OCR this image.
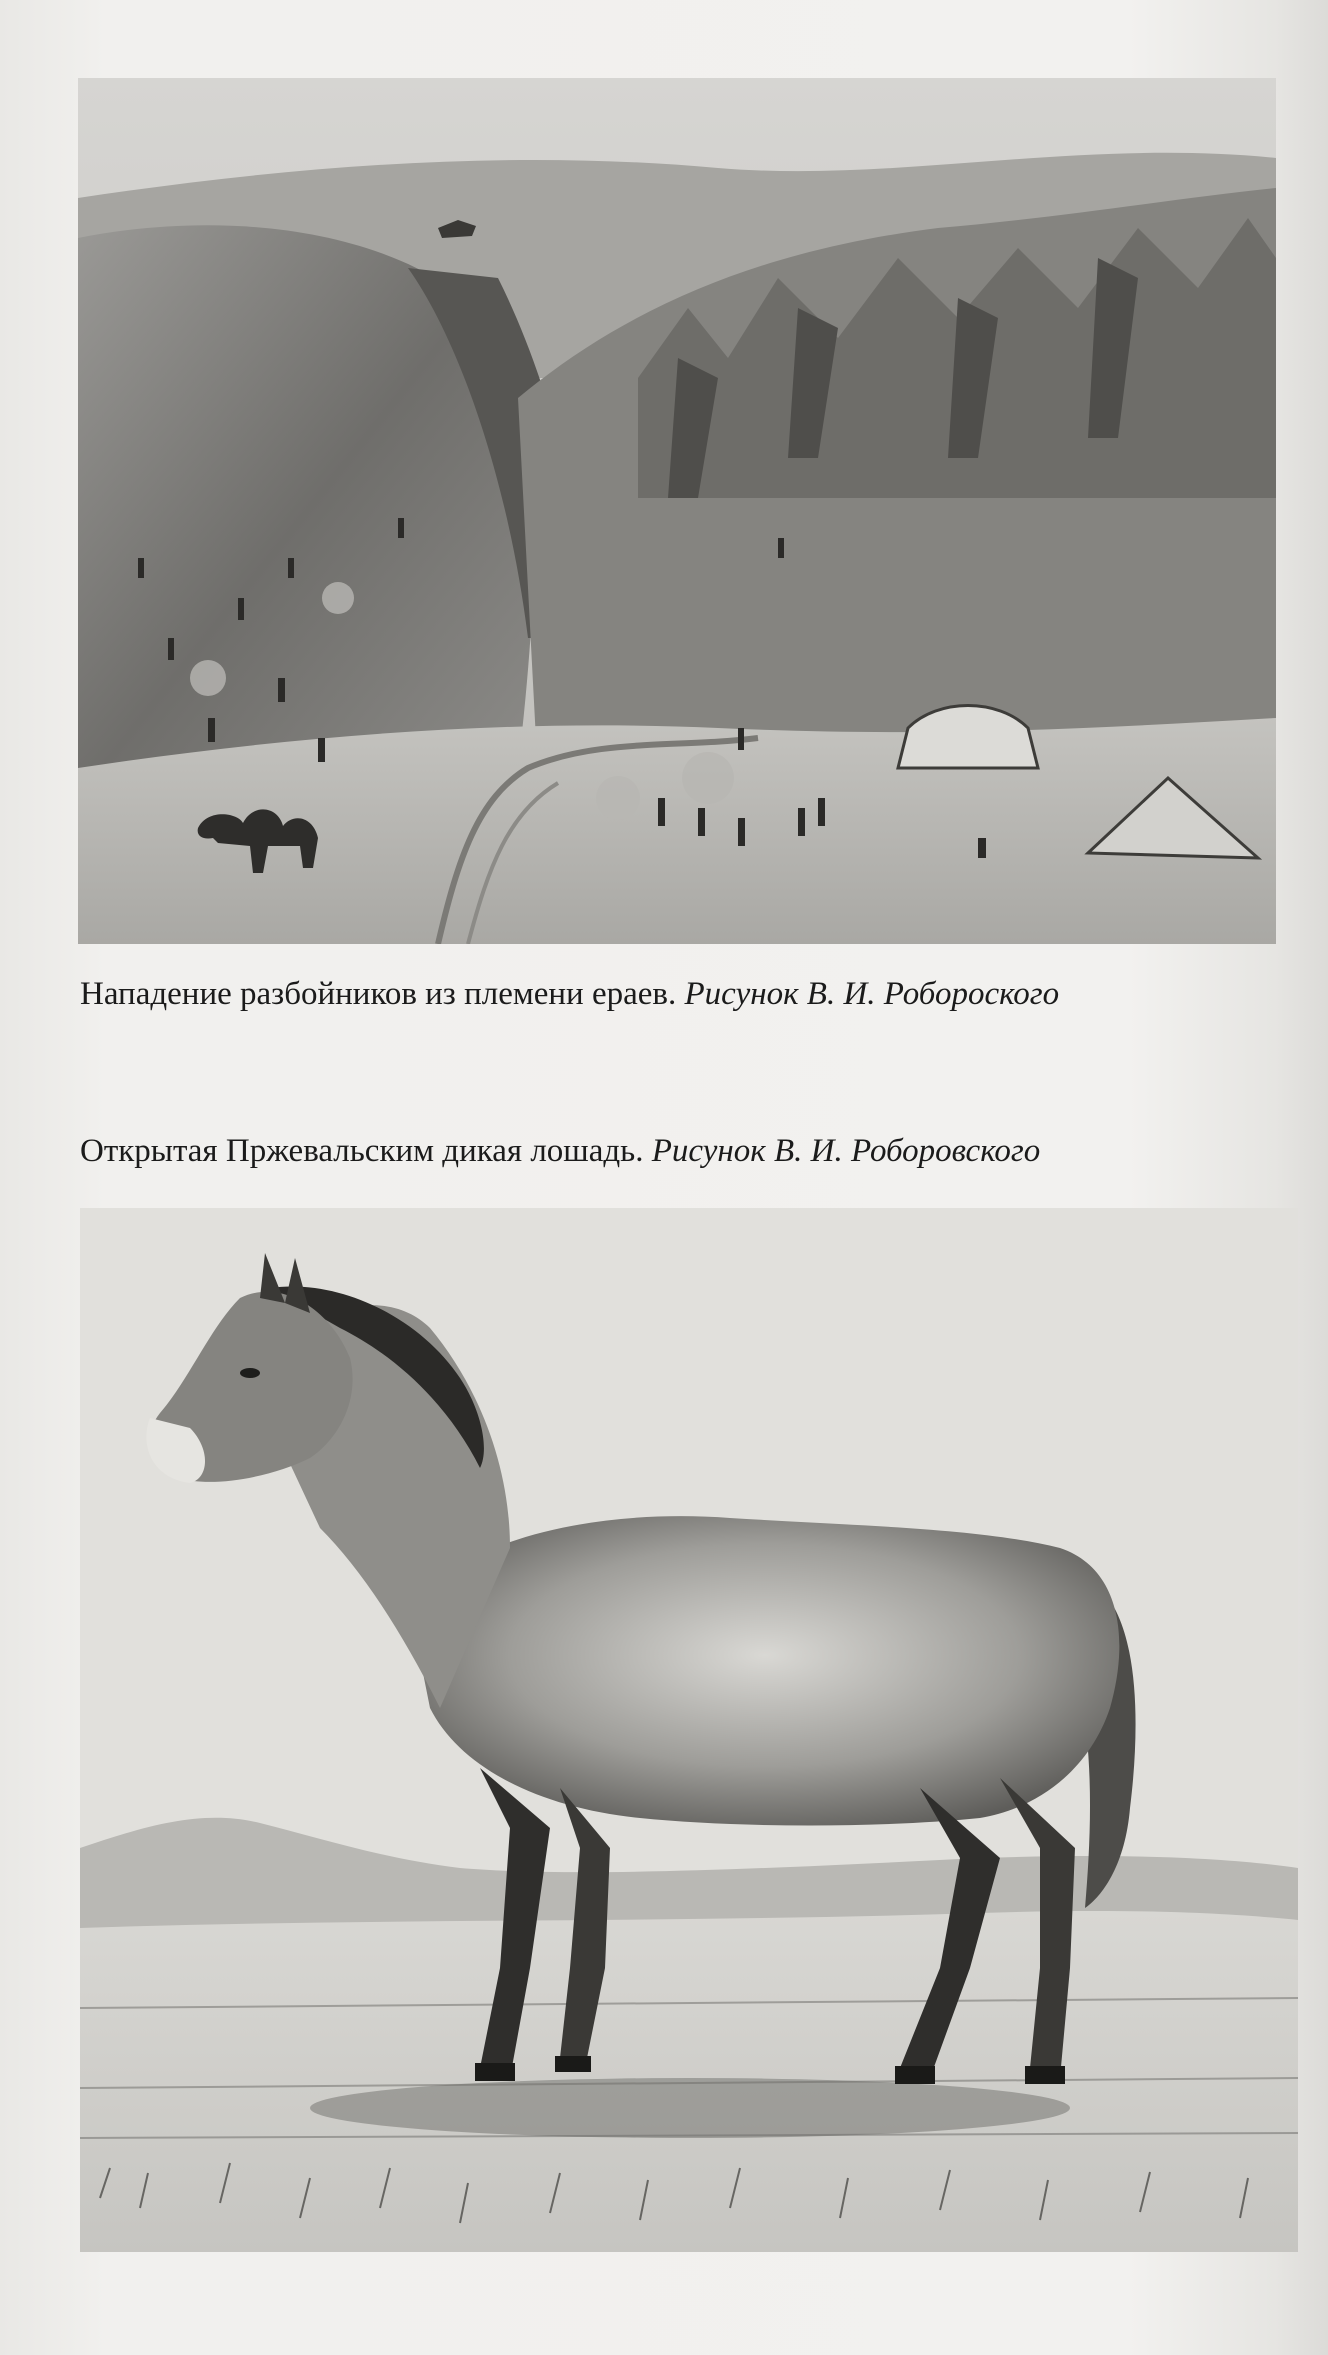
Нападение разбойников из племени ераев. Рисунок В. И. Роборoского
Открытая Пржевальским дикая лошадь. Рисунок В. И. Роборовского
